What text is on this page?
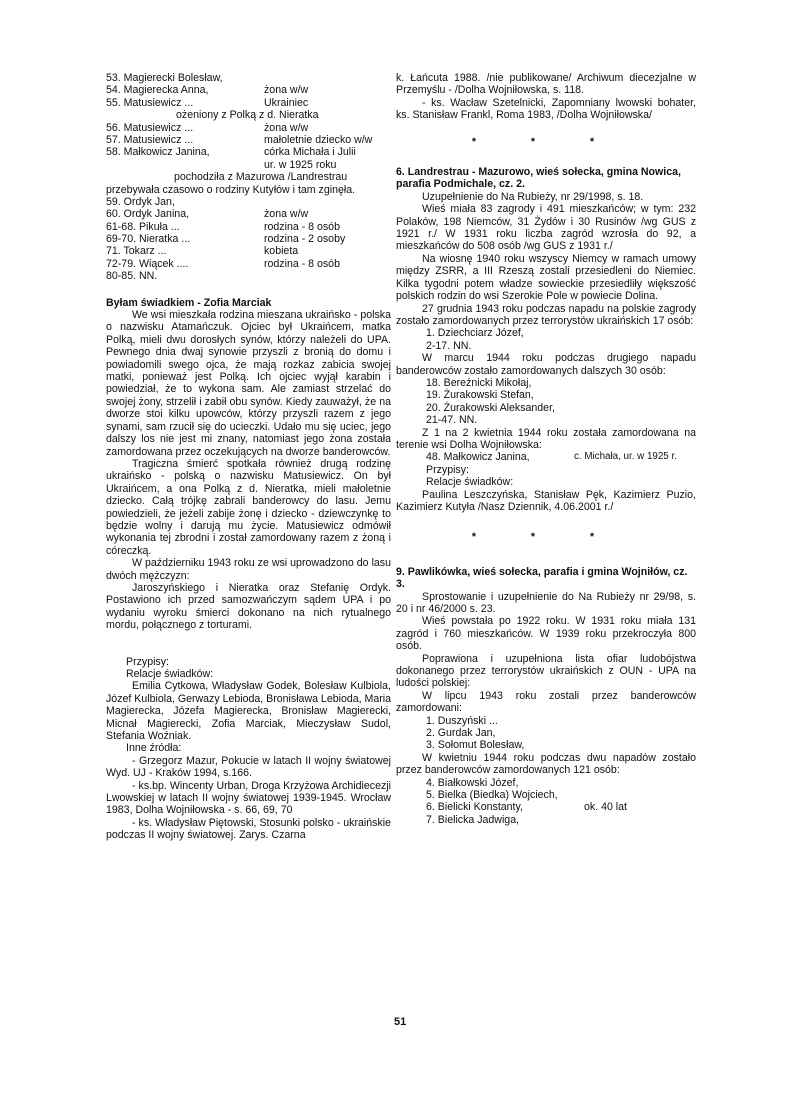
53. Magierecki Bolesław,
54. Magierecka Anna,	żona w/w
55. Matusiewicz ...	Ukrainiec
ożeniony z Polką z d. Nieratka
56. Matusiewicz ...	żona w/w
57. Matusiewicz ...	małoletnie dziecko w/w
58. Małkowicz Janina,	córka Michała i Julii
ur. w 1925 roku
pochodziła z Mazurowa /Landrestrau
przebywała czasowo o rodziny Kutyłów i tam zginęła.
59. Ordyk Jan,
60. Ordyk Janina,	żona w/w
61-68. Pikuła ...	rodzina - 8 osób
69-70. Nieratka ...	rodzina - 2 osoby
71. Tokarz ...	kobieta
72-79. Wiącek ....	rodzina - 8 osób
80-85. NN.
Byłam świadkiem - Zofia Marciak

We wsi mieszkała rodzina mieszana ukraińsko - polska o nazwisku Atamańczuk. Ojciec był Ukraińcem, matka Polką, mieli dwu dorosłych synów, którzy należeli do UPA. Pewnego dnia dwaj synowie przyszli z bronią do domu i powiadomili swego ojca, że mają rozkaz zabicia swojej matki, ponieważ jest Polką. Ich ojciec wyjął karabin i powiedział, że to wykona sam. Ale zamiast strzelać do swojej żony, strzelił i zabił obu synów. Kiedy zauważył, że na dworze stoi kilku upowców, którzy przyszli razem z jego synami, sam rzucił się do ucieczki. Udało mu się uciec, jego dalszy los nie jest mi znany, natomiast jego żona została zamordowana przez oczekujących na dworze banderowców.

Tragiczna śmierć spotkała również drugą rodzinę ukraińsko - polską o nazwisku Matusiewicz. On był Ukraińcem, a ona Polką z d. Nieratka, mieli małoletnie dziecko. Całą trójkę zabrali banderowcy do lasu. Jemu powiedzieli, że jeżeli zabije żonę i dziecko - dziewczynkę to będzie wolny i darują mu życie. Matusiewicz odmówił wykonania tej zbrodni i został zamordowany razem z żoną i córeczką.

W październiku 1943 roku ze wsi uprowadzono do lasu dwóch mężczyzn:

Jaroszyńskiego i Nieratka oraz Stefanię Ordyk. Postawiono ich przed samozwańczym sądem UPA i po wydaniu wyroku śmierci dokonano na nich rytualnego mordu, połącznego z torturami.

Przypisy:
Relacje świadków:

Emilia Cytkowa, Władysław Godek, Bolesław Kulbiola, Józef Kulbiola, Gerwazy Lebioda, Bronisława Lebioda, Maria Magierecka, Józefa Magierecka, Bronisław Magierecki, Micnał Magierecki, Zofia Marciak, Mieczysław Sudol, Stefania Woźniak.

Inne źródła:

- Grzegorz Mazur, Pokucie w latach II wojny światowej Wyd. UJ - Kraków 1994, s.166.

- ks.bp. Wincenty Urban, Droga Krzyżowa Archidiecezji Lwowskiej w latach II wojny światowej 1939-1945. Wrocław 1983, Dolha Wojniłowska - s. 66, 69, 70

- ks. Władysław Piętowski, Stosunki polsko - ukraińskie podczas II wojny światowej. Zarys. Czarna

k. Łańcuta 1988. /nie publikowane/ Archiwum diecezjalne w Przemyślu - /Dolha Wojniłowska, s. 118.

- ks. Wacław Szetelnicki, Zapomniany lwowski bohater, ks. Stanisław Frankl, Roma 1983, /Dolha Wojniłowska/

* * *
6. Landrestrau - Mazurowo, wieś sołecka, gmina Nowica, parafia Podmichale, cz. 2.

Uzupełnienie do Na Rubieży, nr 29/1998, s. 18.

Wieś miała 83 zagrody i 491 mieszkańców; w tym: 232 Polaków, 198 Niemców, 31 Żydów i 30 Rusinów /wg GUS z 1921 r./ W 1931 roku liczba zagród wzrosła do 92, a mieszkańców do 508 osób /wg GUS z 1931 r./

Na wiosnę 1940 roku wszyscy Niemcy w ramach umowy między ZSRR, a III Rzeszą zostali przesiedleni do Niemiec. Kilka tygodni potem władze sowieckie przesiedliły większość polskich rodzin do wsi Szerokie Pole w powiecie Dolina.

27 grudnia 1943 roku podczas napadu na polskie zagrody zostało zamordowanych przez terrorystów ukraińskich 17 osób:

1. Dziechciarz Józef,
2-17. NN.

W marcu 1944 roku podczas drugiego napadu banderowców zostało zamordowanych dalszych 30 osób:

18. Bereźnicki Mikołaj,
19. Żurakowski Stefan,
20. Żurakowski Aleksander,
21-47. NN.

Z 1 na 2 kwietnia 1944 roku została zamordowana na terenie wsi Dolha Wojniłowska:

48. Małkowicz Janina,	c. Michała, ur. w 1925 r.
Przypisy:
Relacje świadków:

Paulina Leszczyńska, Stanisław Pęk, Kazimierz Puzio, Kazimierz Kutyła /Nasz Dziennik, 4.06.2001 r./

* * *
9. Pawlikówka, wieś sołecka, parafia i gmina Wojniłów, cz. 3.

Sprostowanie i uzupełnienie do Na Rubieży nr 29/98, s. 20 i nr 46/2000 s. 23.

Wieś powstała po 1922 roku. W 1931 roku miała 131 zagród i 760 mieszkańców. W 1939 roku przekroczyła 800 osób.

Poprawiona i uzupełniona lista ofiar ludobójstwa dokonanego przez terrorystów ukraińskich z OUN - UPA na ludości polskiej:

W lipcu 1943 roku zostali przez banderowców zamordowani:

1. Duszyński ...
2. Gurdak Jan,
3. Sołomut Bolesław,

W kwietniu 1944 roku podczas dwu napadów zostało przez banderowców zamordowanych 121 osób:

4. Białkowski Józef,
5. Bielka (Biedka) Wojciech,
6. Bielicki Konstanty,	ok. 40 lat
7. Bielicka Jadwiga,
51
